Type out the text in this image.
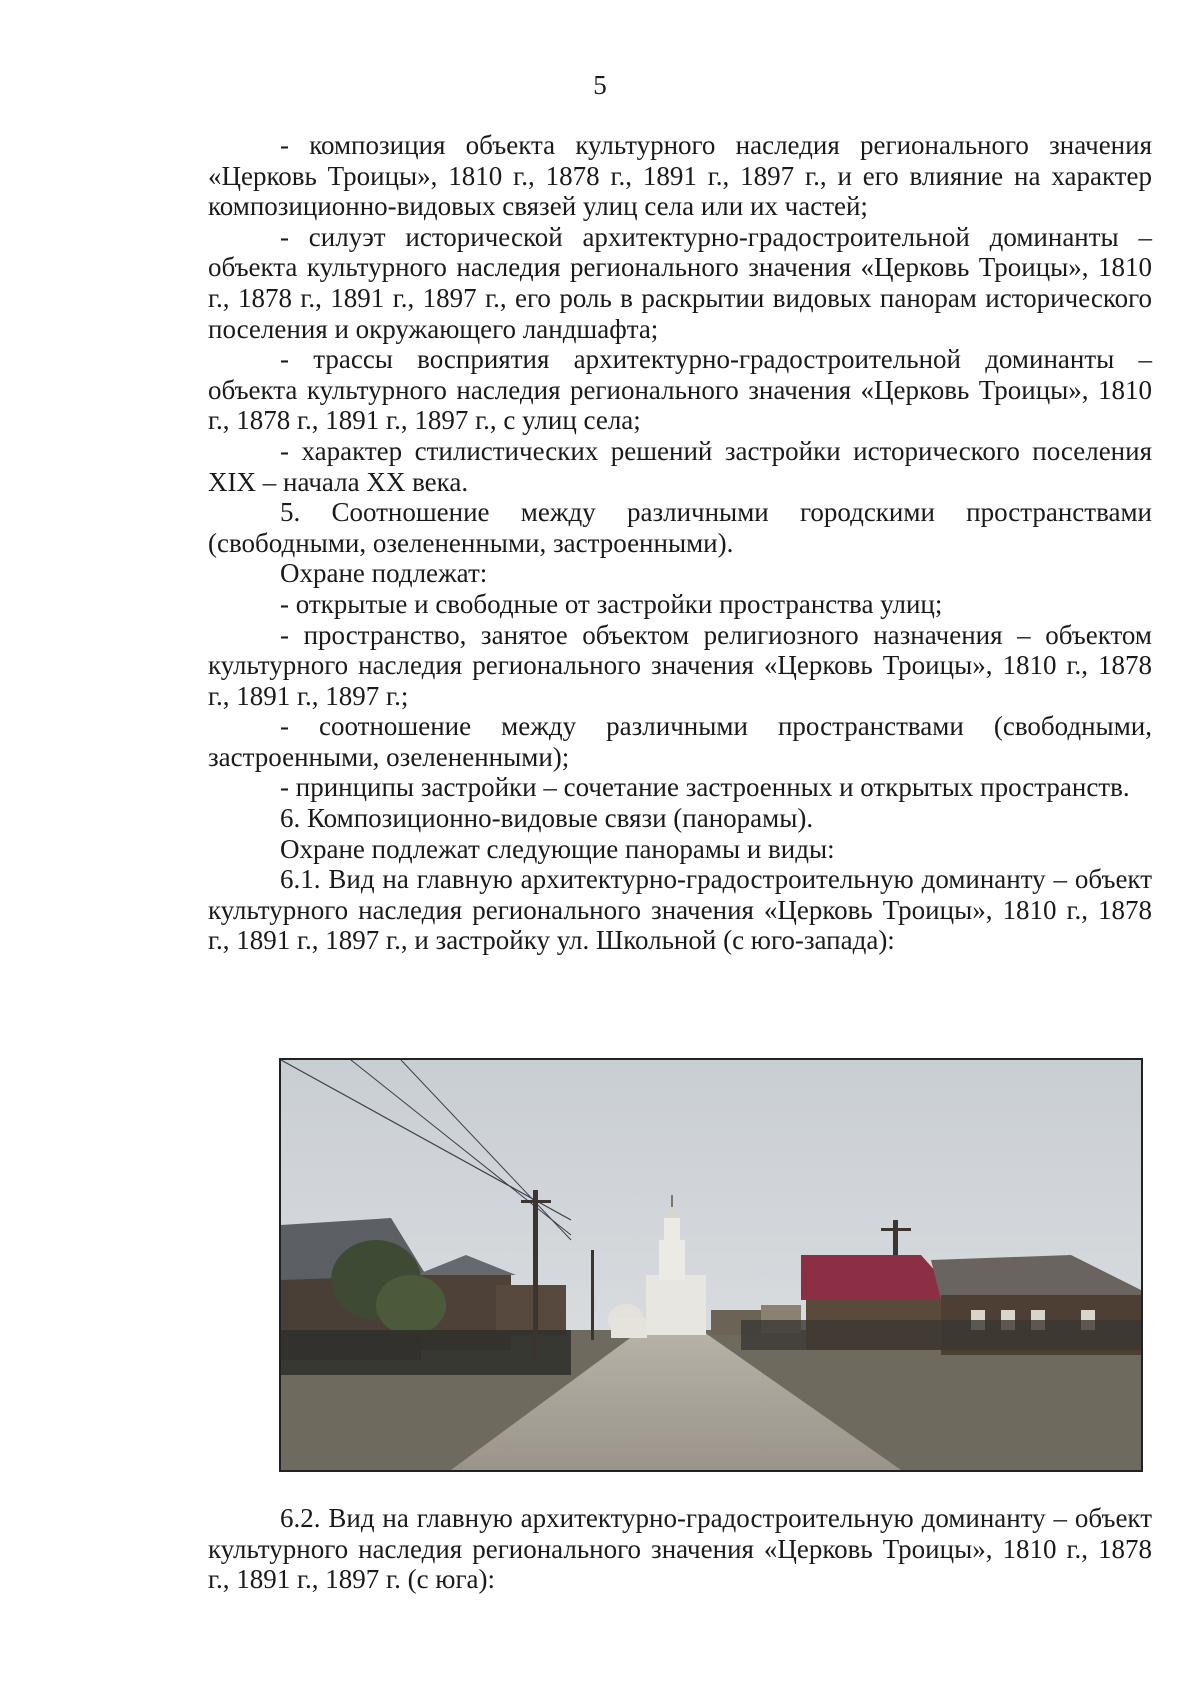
5

- композиция объекта культурного наследия регионального значения «Церковь Троицы», 1810 г., 1878 г., 1891 г., 1897 г., и его влияние на характер композиционно-видовых связей улиц села или их частей;

- силуэт исторической архитектурно-градостроительной доминанты – объекта культурного наследия регионального значения «Церковь Троицы», 1810 г., 1878 г., 1891 г., 1897 г., его роль в раскрытии видовых панорам исторического поселения и окружающего ландшафта;

- трассы восприятия архитектурно-градостроительной доминанты – объекта культурного наследия регионального значения «Церковь Троицы», 1810 г., 1878 г., 1891 г., 1897 г., с улиц села;

- характер стилистических решений застройки исторического поселения XIX – начала XX века.

5. Соотношение между различными городскими пространствами (свободными, озелененными, застроенными).

Охране подлежат:

- открытые и свободные от застройки пространства улиц;

- пространство, занятое объектом религиозного назначения – объектом культурного наследия регионального значения «Церковь Троицы», 1810 г., 1878 г., 1891 г., 1897 г.;

- соотношение между различными пространствами (свободными, застроенными, озелененными);

- принципы застройки – сочетание застроенных и открытых пространств.

6. Композиционно-видовые связи (панорамы).

Охране подлежат следующие панорамы и виды:

6.1. Вид на главную архитектурно-градостроительную доминанту – объект культурного наследия регионального значения «Церковь Троицы», 1810 г., 1878 г., 1891 г., 1897 г., и застройку ул. Школьной (с юго-запада):

6.2. Вид на главную архитектурно-градостроительную доминанту – объект культурного наследия регионального значения «Церковь Троицы», 1810 г., 1878 г., 1891 г., 1897 г. (с юга):
